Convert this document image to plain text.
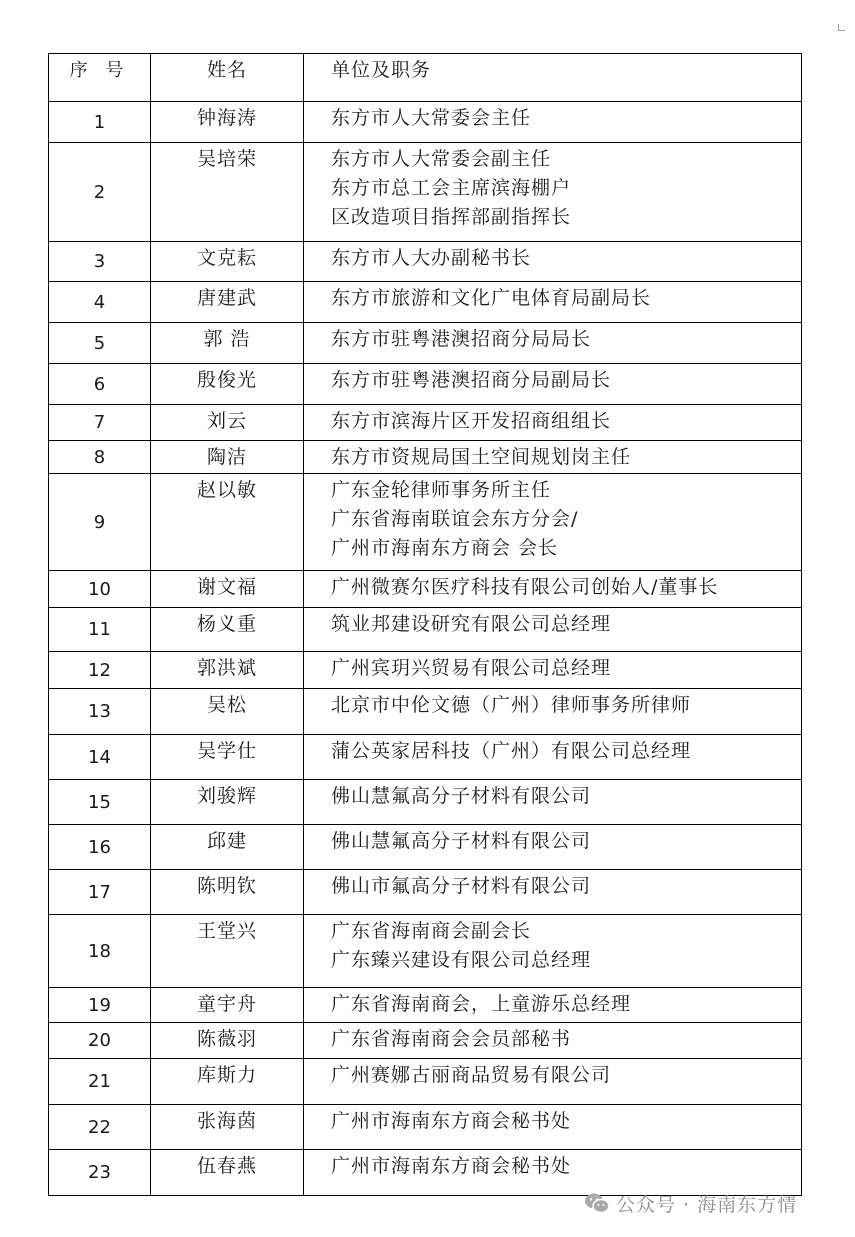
序 号	姓名	单位及职务
1	钟海涛	东方市人大常委会主任

2	吴培荣	东方市人大常委会副主任
东方市总工会主席滨海棚户
区改造项目指挥部副指挥长

3	文克耘	东方市人大办副秘书长

4	唐建武	东方市旅游和文化广电体育局副局长

5	郭 浩	东方市驻粤港澳招商分局局长

6	殷俊光	东方市驻粤港澳招商分局副局长

7	刘云	东方市滨海片区开发招商组组长

8	陶洁	东方市资规局国土空间规划岗主任

9	赵以敏	广东金轮律师事务所主任
广东省海南联谊会东方分会/
广州市海南东方商会 会长

10	谢文福	广州微赛尔医疗科技有限公司创始人/董事长

11	杨义重	筑业邦建设研究有限公司总经理

12	郭洪斌	广州宾玥兴贸易有限公司总经理

13	吴松	北京市中伦文德（广州）律师事务所律师

14	吴学仕	蒲公英家居科技（广州）有限公司总经理

15	刘骏辉	佛山慧氟高分子材料有限公司

16	邱建	佛山慧氟高分子材料有限公司

17	陈明钦	佛山市氟高分子材料有限公司

18	王堂兴	广东省海南商会副会长
广东臻兴建设有限公司总经理

19	童宇舟	广东省海南商会，上童游乐总经理

20	陈薇羽	广东省海南商会会员部秘书

21	库斯力	广州赛娜古丽商品贸易有限公司

22	张海茵	广州市海南东方商会秘书处

23	伍春燕	广州市海南东方商会秘书处
公众号 · 海南东方情
